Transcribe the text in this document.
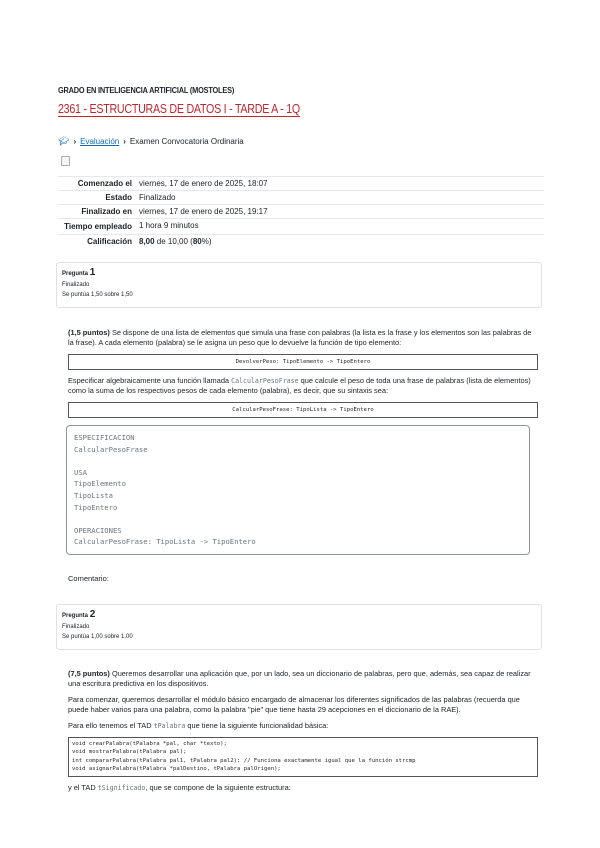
GRADO EN INTELIGENCIA ARTIFICIAL (MOSTOLES)
2361 - ESTRUCTURAS DE DATOS I - TARDE A - 1Q
🎓︎ › Evaluación › Examen Convocatoria Ordinaria
Comenzado el	viernes, 17 de enero de 2025, 18:07
Estado	Finalizado
Finalizado en	viernes, 17 de enero de 2025, 19:17
Tiempo empleado	1 hora 9 minutos
Calificación	8,00 de 10,00 (80%)
Pregunta 1
Finalizado
Se puntúa 1,50 sobre 1,50

(1,5 puntos) Se dispone de una lista de elementos que simula una frase con palabras (la lista es la frase y los elementos son las palabras de la frase). A cada elemento (palabra) se le asigna un peso que lo devuelve la función de tipo elemento:

DevolverPeso: TipoElemento -> TipoEntero

Especificar algebraicamente una función llamada CalcularPesoFrase que calcule el peso de toda una frase de palabras (lista de elementos) como la suma de los respectivos pesos de cada elemento (palabra), es decir, que su sintaxis sea:

CalcularPesoFrase: TipoLista -> TipoEntero
ESPECIFICACION
CalcularPesoFrase

USA
TipoElemento
TipoLista
TipoEntero

OPERACIONES
CalcularPesoFrase: TipoLista -> TipoEntero
Comentario:
Pregunta 2
Finalizado
Se puntúa 1,00 sobre 1,00

(7,5 puntos) Queremos desarrollar una aplicación que, por un lado, sea un diccionario de palabras, pero que, además, sea capaz de realizar una escritura predictiva en los dispositivos.

Para comenzar, queremos desarrollar el módulo básico encargado de almacenar los diferentes significados de las palabras (recuerda que puede haber varios para una palabra, como la palabra "pie" que tiene hasta 29 acepciones en el diccionario de la RAE).

Para ello tenemos el TAD tPalabra que tiene la siguiente funcionalidad básica:

void crearPalabra(tPalabra *pal, char *texto);
void mostrarPalabra(tPalabra pal);
int compararPalabra(tPalabra pal1, tPalabra pal2); // Funciona exactamente igual que la función strcmp
void asignarPalabra(tPalabra *palDestino, tPalabra palOrigen);

y el TAD tSignificado, que se compone de la siguiente estructura:
